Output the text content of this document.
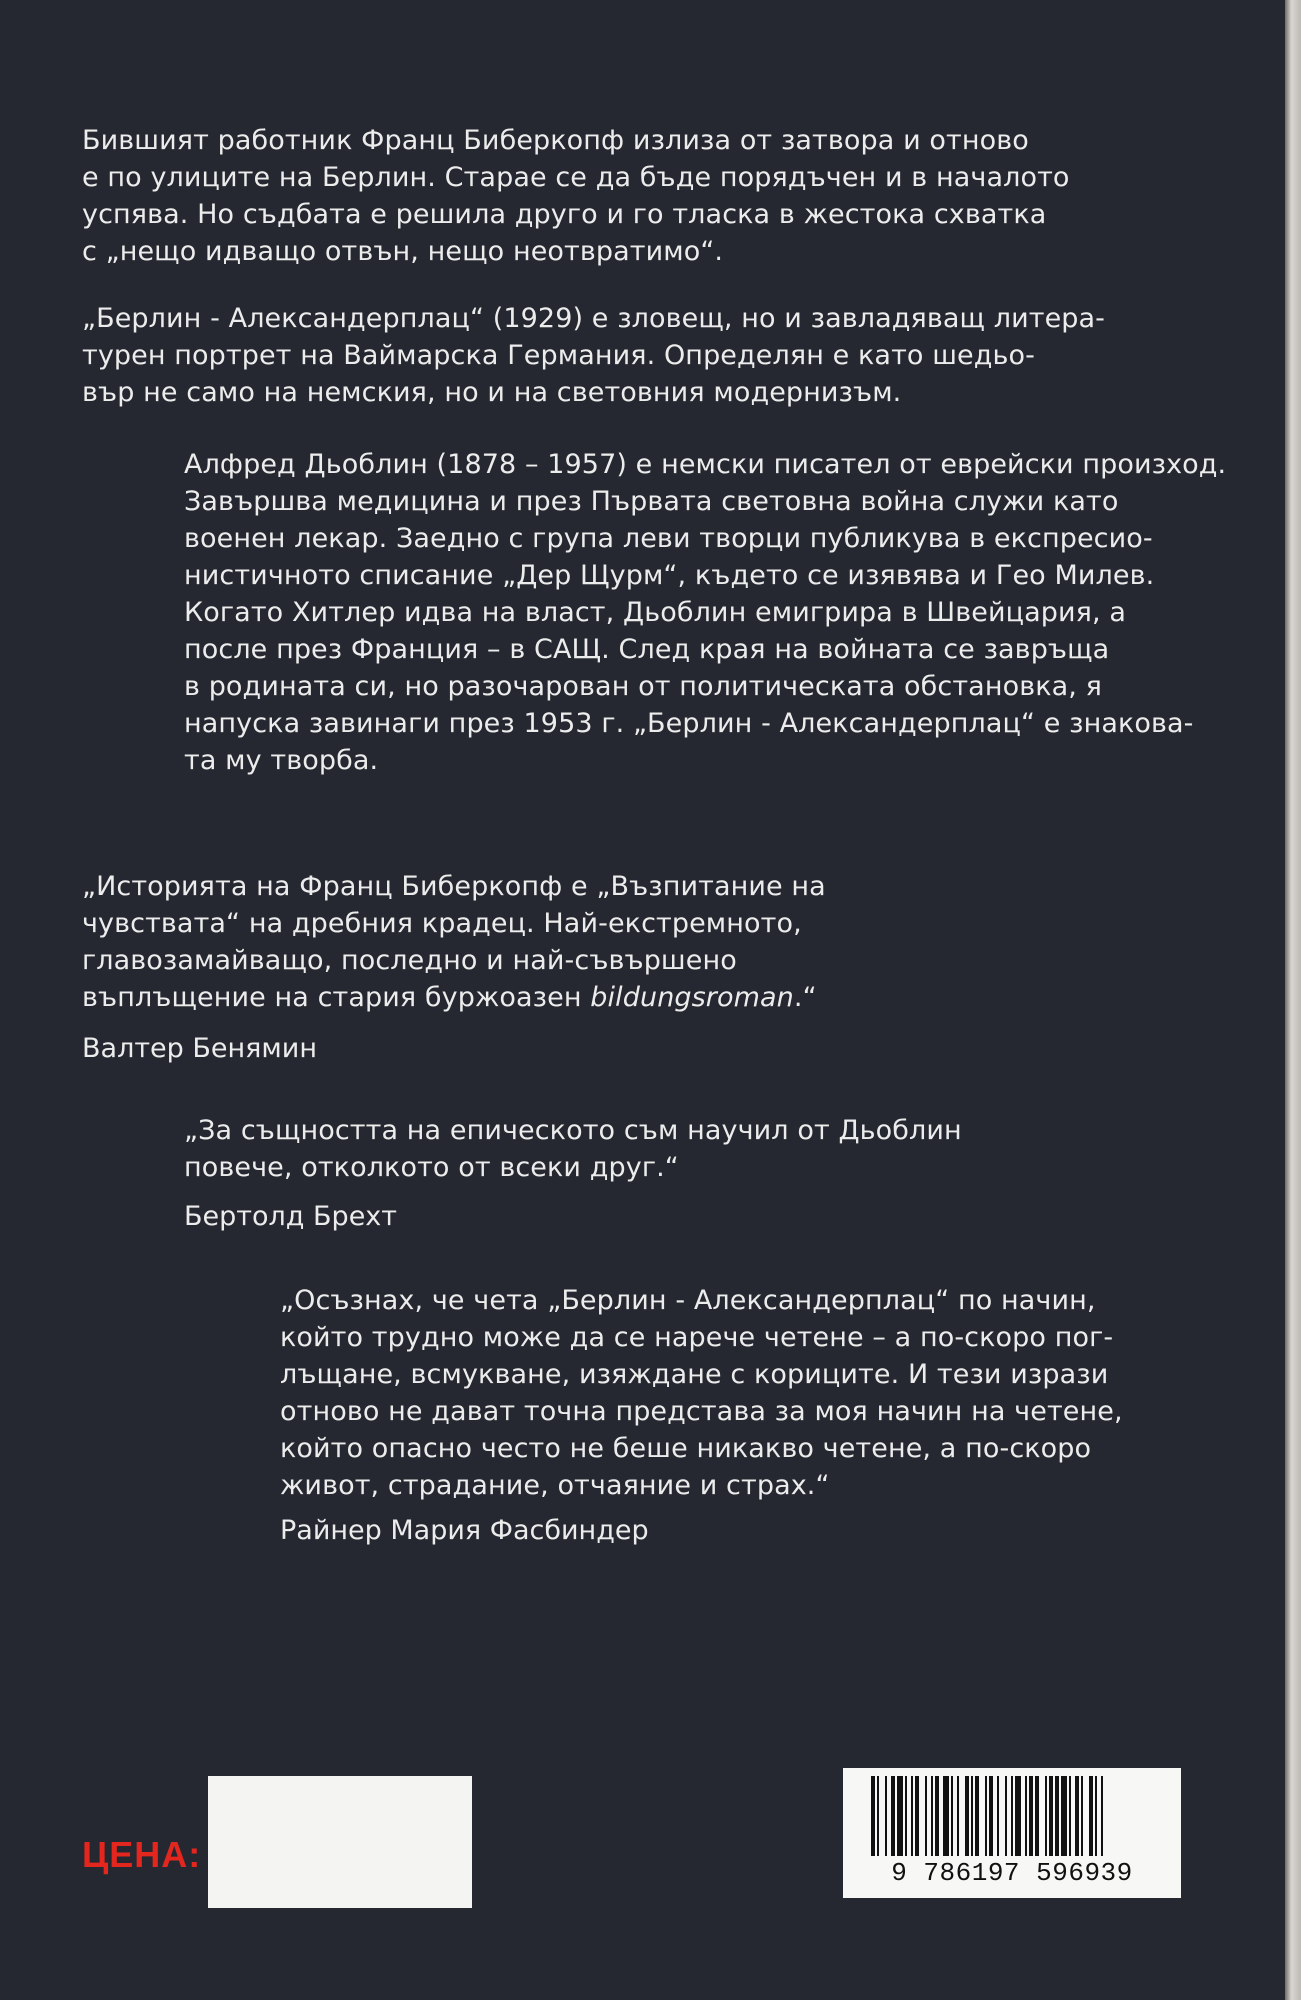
Бившият работник Франц Биберкопф излиза от затвора и отново
е по улиците на Берлин. Старае се да бъде порядъчен и в началото
успява. Но съдбата е решила друго и го тласка в жестока схватка
с „нещо идващо отвън, нещо неотвратимо“.
„Берлин - Александерплац“ (1929) е зловещ, но и завладяващ литера-
турен портрет на Ваймарска Германия. Определян е като шедьо-
вър не само на немския, но и на световния модернизъм.
Алфред Дьоблин (1878 – 1957) е немски писател от еврейски произход.
Завършва медицина и през Първата световна война служи като
военен лекар. Заедно с група леви творци публикува в експресио-
нистичното списание „Дер Щурм“, където се изявява и Гео Милев.
Когато Хитлер идва на власт, Дьоблин емигрира в Швейцария, а
после през Франция – в САЩ. След края на войната се завръща
в родината си, но разочарован от политическата обстановка, я
напуска завинаги през 1953 г. „Берлин - Александерплац“ е знакова-
та му творба.
„Историята на Франц Биберкопф е „Възпитание на
чувствата“ на дребния крадец. Най-екстремното,
главозамайващо, последно и най-съвършено
въплъщение на стария буржоазен bildungsroman.“
Валтер Бенямин
„За същността на епическото съм научил от Дьоблин
повече, отколкото от всеки друг.“
Бертолд Брехт
„Осъзнах, че чета „Берлин - Александерплац“ по начин,
който трудно може да се нарече четене – а по-скоро пог-
лъщане, всмукване, изяждане с кориците. И тези изрази
отново не дават точна представа за моя начин на четене,
който опасно често не беше никакво четене, а по-скоро
живот, страдание, отчаяние и страх.“
Райнер Мария Фасбиндер
ЦЕНА:	9 786197 596939
